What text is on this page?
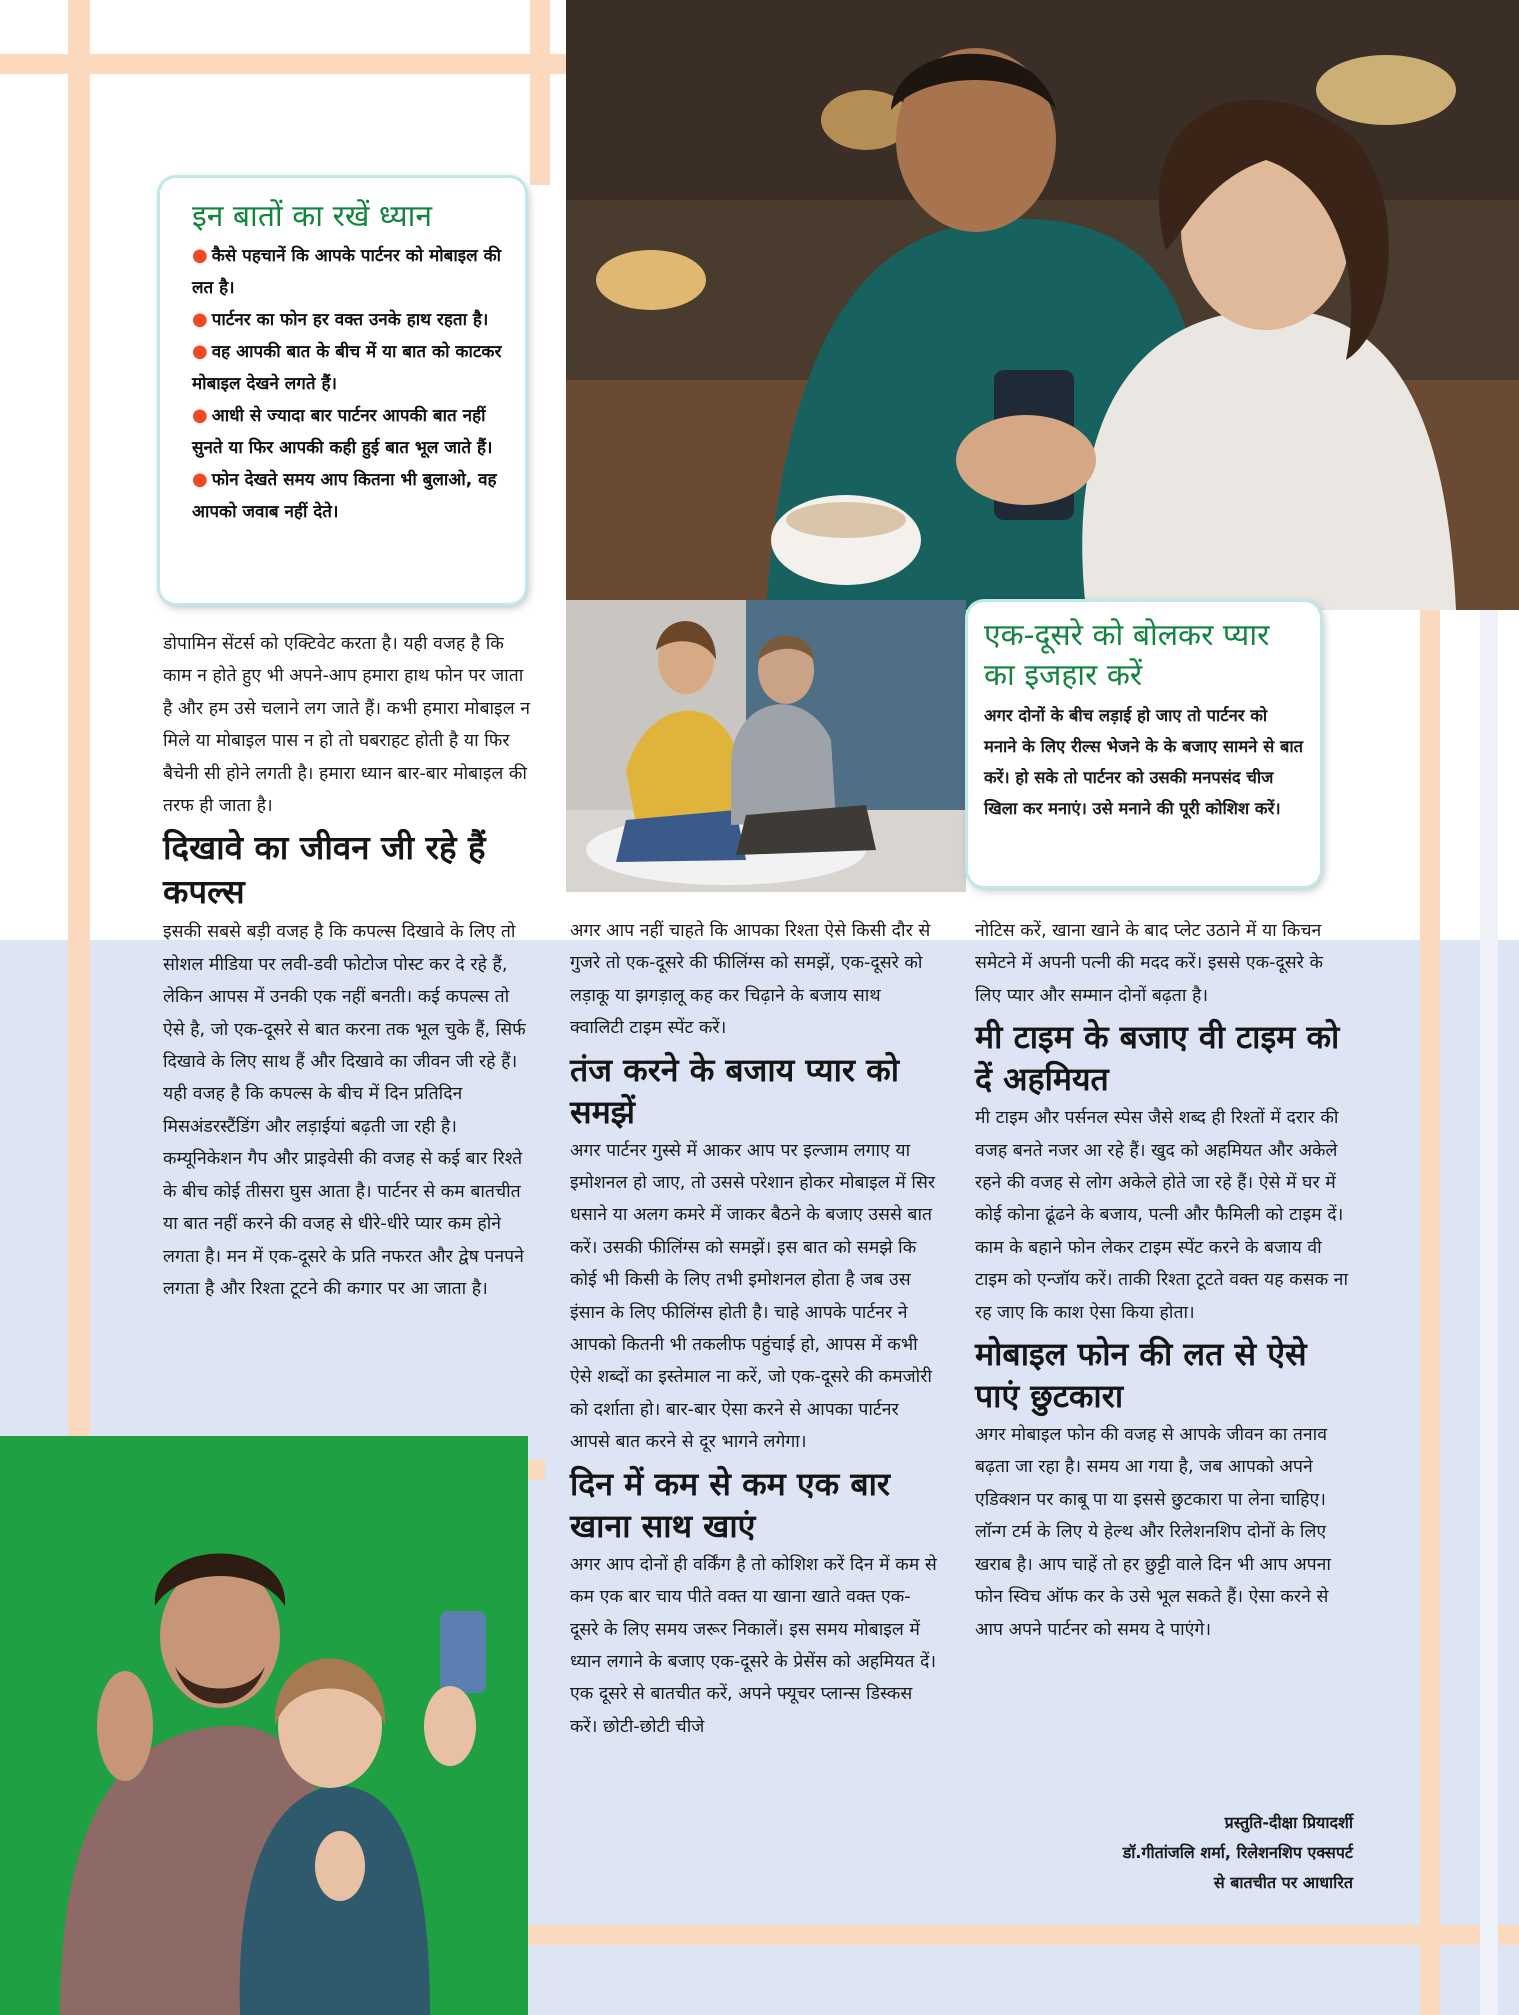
इन बातों का रखें ध्यान
● कैसे पहचानें कि आपके पार्टनर को मोबाइल की लत है।
● पार्टनर का फोन हर वक्त उनके हाथ रहता है।
● वह आपकी बात के बीच में या बात को काटकर मोबाइल देखने लगते हैं।
● आधी से ज्यादा बार पार्टनर आपकी बात नहीं सुनते या फिर आपकी कही हुई बात भूल जाते हैं।
● फोन देखते समय आप कितना भी बुलाओ, वह आपको जवाब नहीं देते।
एक-दूसरे को बोलकर प्यार का इजहार करें

अगर दोनों के बीच लड़ाई हो जाए तो पार्टनर को मनाने के लिए रील्स भेजने के के बजाए सामने से बात करें। हो सके तो पार्टनर को उसकी मनपसंद चीज खिला कर मनाएं। उसे मनाने की पूरी कोशिश करें।

डोपामिन सेंटर्स को एक्टिवेट करता है। यही वजह है कि काम न होते हुए भी अपने-आप हमारा हाथ फोन पर जाता है और हम उसे चलाने लग जाते हैं। कभी हमारा मोबाइल न मिले या मोबाइल पास न हो तो घबराहट होती है या फिर बैचेनी सी होने लगती है। हमारा ध्यान बार-बार मोबाइल की तरफ ही जाता है।

दिखावे का जीवन जी रहे हैं कपल्स

इसकी सबसे बड़ी वजह है कि कपल्स दिखावे के लिए तो सोशल मीडिया पर लवी-डवी फोटोज पोस्ट कर दे रहे हैं, लेकिन आपस में उनकी एक नहीं बनती। कई कपल्स तो ऐसे है, जो एक-दूसरे से बात करना तक भूल चुके हैं, सिर्फ दिखावे के लिए साथ हैं और दिखावे का जीवन जी रहे हैं। यही वजह है कि कपल्स के बीच में दिन प्रतिदिन मिसअंडरस्टैंडिंग और लड़ाईयां बढ़ती जा रही है। कम्यूनिकेशन गैप और प्राइवेसी की वजह से कई बार रिश्ते के बीच कोई तीसरा घुस आता है। पार्टनर से कम बातचीत या बात नहीं करने की वजह से धीरे-धीरे प्यार कम होने लगता है। मन में एक-दूसरे के प्रति नफरत और द्वेष पनपने लगता है और रिश्ता टूटने की कगार पर आ जाता है।

अगर आप नहीं चाहते कि आपका रिश्ता ऐसे किसी दौर से गुजरे तो एक-दूसरे की फीलिंग्स को समझें, एक-दूसरे को लड़ाकू या झगड़ालू कह कर चिढ़ाने के बजाय साथ क्वालिटी टाइम स्पेंट करें।

तंज करने के बजाय प्यार को समझें

अगर पार्टनर गुस्से में आकर आप पर इल्जाम लगाए या इमोशनल हो जाए, तो उससे परेशान होकर मोबाइल में सिर धसाने या अलग कमरे में जाकर बैठने के बजाए उससे बात करें। उसकी फीलिंग्स को समझें। इस बात को समझे कि कोई भी किसी के लिए तभी इमोशनल होता है जब उस इंसान के लिए फीलिंग्स होती है। चाहे आपके पार्टनर ने आपको कितनी भी तकलीफ पहुंचाई हो, आपस में कभी ऐसे शब्दों का इस्तेमाल ना करें, जो एक-दूसरे की कमजोरी को दर्शाता हो। बार-बार ऐसा करने से आपका पार्टनर आपसे बात करने से दूर भागने लगेगा।

दिन में कम से कम एक बार खाना साथ खाएं

अगर आप दोनों ही वर्किंग है तो कोशिश करें दिन में कम से कम एक बार चाय पीते वक्त या खाना खाते वक्त एक-दूसरे के लिए समय जरूर निकालें। इस समय मोबाइल में ध्यान लगाने के बजाए एक-दूसरे के प्रेसेंस को अहमियत दें। एक दूसरे से बातचीत करें, अपने फ्यूचर प्लान्स डिस्कस करें। छोटी-छोटी चीजे

नोटिस करें, खाना खाने के बाद प्लेट उठाने में या किचन समेटने में अपनी पत्नी की मदद करें। इससे एक-दूसरे के लिए प्यार और सम्मान दोनों बढ़ता है।

मी टाइम के बजाए वी टाइम को दें अहमियत

मी टाइम और पर्सनल स्पेस जैसे शब्द ही रिश्तों में दरार की वजह बनते नजर आ रहे हैं। खुद को अहमियत और अकेले रहने की वजह से लोग अकेले होते जा रहे हैं। ऐसे में घर में कोई कोना ढूंढने के बजाय, पत्नी और फैमिली को टाइम दें। काम के बहाने फोन लेकर टाइम स्पेंट करने के बजाय वी टाइम को एन्जॉय करें। ताकी रिश्ता टूटते वक्त यह कसक ना रह जाए कि काश ऐसा किया होता।

मोबाइल फोन की लत से ऐसे पाएं छुटकारा

अगर मोबाइल फोन की वजह से आपके जीवन का तनाव बढ़ता जा रहा है। समय आ गया है, जब आपको अपने एडिक्शन पर काबू पा या इससे छुटकारा पा लेना चाहिए। लॉन्ग टर्म के लिए ये हेल्थ और रिलेशनशिप दोनों के लिए खराब है। आप चाहें तो हर छुट्टी वाले दिन भी आप अपना फोन स्विच ऑफ कर के उसे भूल सकते हैं। ऐसा करने से आप अपने पार्टनर को समय दे पाएंगे।

प्रस्तुति-दीक्षा प्रियादर्शी
डॉ.गीतांजलि शर्मा, रिलेशनशिप एक्सपर्ट
से बातचीत पर आधारित
